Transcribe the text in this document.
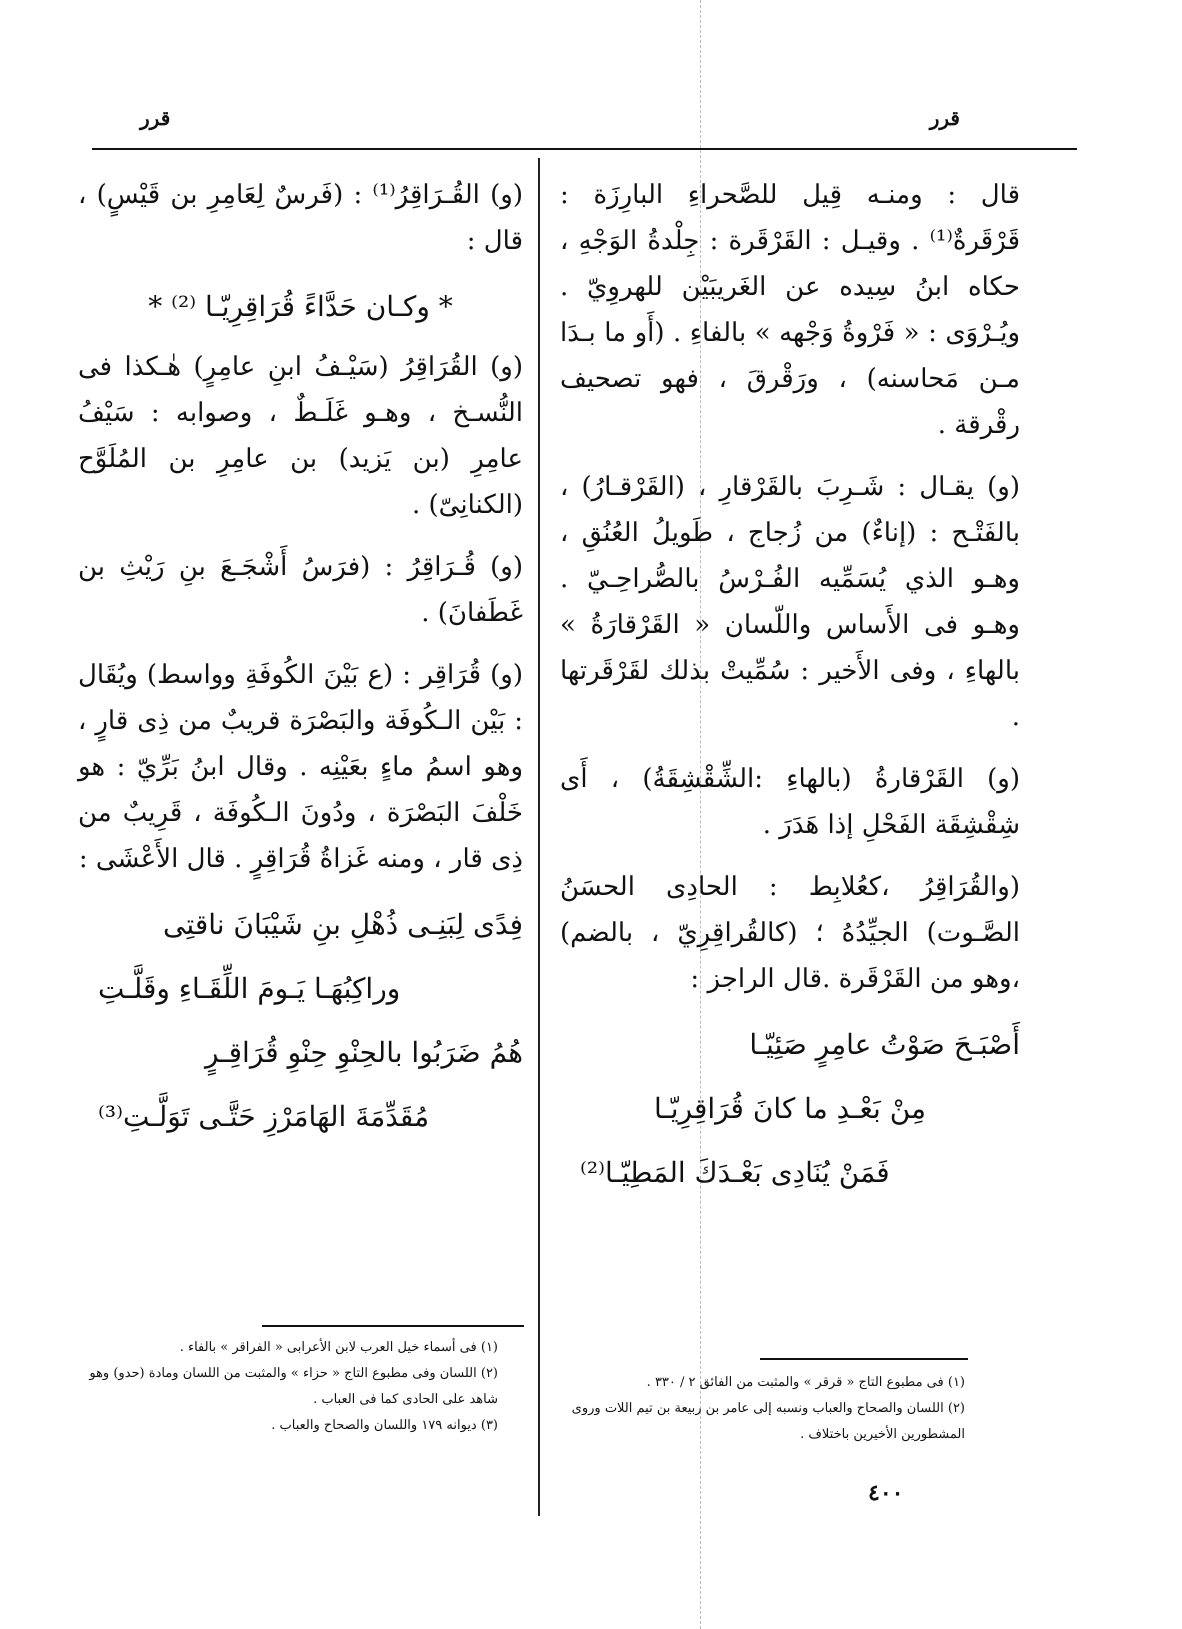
قرر
قرر

قال : ومنـه قِيل للصَّحراءِ البارِزَة : قَرْقَرةٌ⁽¹⁾ . وقيـل : القَرْقَرة : جِلْدةُ الوَجْهِ ، حكاه ابنُ سِيده عن الغَريبَيْن للهروِيّ . ويُـرْوَى : « فَرْوةُ وَجْهه » بالفاءِ . (أَو ما بـدَا مـن مَحاسنه) ، ورَقْرقَ ، فهو تصحيف رقْرقة .

(و) يقـال : شَـرِبَ بالقَرْقارِ ، (القَرْقـارُ) ، بالفَتْـح : (إناءٌ) من زُجاج ، طَويلُ العُنُقِ ، وهـو الذي يُسَمِّيه الفُـرْسُ بالصُّراحِـيّ . وهـو فى الأَساس واللّسان « القَرْقارَةُ » بالهاءِ ، وفى الأَخير : سُمِّيتْ بذلك لقَرْقَرتها .

(و) القَرْقارةُ (بالهاءِ :الشِّقْشِقَةُ) ، أَى شِقْشِقَة الفَحْلِ إذا هَدَرَ .

(والقُرَاقِرُ ،كعُلابِط : الحادِى الحسَنُ الصَّـوت) الجيِّدُهُ ؛ (كالقُراقِرِيّ ، بالضم) ،وهو من القَرْقَرة .قال الراجز :

أَصْبَـحَ صَوْتُ عامِرٍ صَئِيّـا
مِنْ بَعْـدِ ما كانَ قُرَاقِرِيّـا
فَمَنْ يُنَادِى بَعْـدَكَ المَطِيّـا⁽²⁾

(و) القُـرَاقِرُ⁽¹⁾ : (فَرسٌ لِعَامِرِ بن قَيْسٍ) ، قال :

* وكـان حَدَّاءً قُرَاقِرِيّـا ⁽²⁾ *

(و) القُرَاقِرُ (سَيْـفُ ابنِ عامِرٍ) هٰـكذا فى النُّسـخ ، وهـو غَلَـطٌ ، وصوابه : سَيْفُ عامِرِ (بن يَزيد) بن عامِرِ بن المُلَوَّح (الكنانِىّ) .

(و) قُـرَاقِرُ : (فرَسُ أَشْجَـعَ بنِ رَيْثِ بن غَطَفانَ) .

(و) قُرَاقِر : (ع بَيْنَ الكُوفَةِ وواسط) ويُقَال : بَيْن الـكُوفَة والبَصْرَة قريبٌ من ذِى قارٍ ، وهو اسمُ ماءٍ بعَيْنِه . وقال ابنُ بَرِّيّ : هو خَلْفَ البَصْرَة ، ودُونَ الـكُوفَة ، قَرِيبٌ من ذِى قار ، ومنه غَزاةُ قُرَاقِرٍ . قال الأَعْشَى :

فِدًى لِبَنِـى ذُهْلِ بنِ شَيْبَانَ ناقتِى
وراكِبُهَـا يَـومَ اللِّقَـاءِ وقَلَّـتِ
هُمُ ضَرَبُوا بالحِنْوِ حِنْوِ قُرَاقِـرٍ
مُقَدِّمَةَ الهَامَرْزِ حَتَّـى تَوَلَّـتِ⁽³⁾
(١) فى أسماء خيل العرب لابن الأعرابى « الفراقر » بالفاء .
(٢) اللسان وفى مطبوع التاج « حزاء » والمثبت من اللسان ومادة (حدو) وهو شاهد على الحادى كما فى العباب .
(٣) ديوانه ١٧٩ واللسان والصحاح والعباب .
(١) فى مطبوع التاج « قرقر » والمثبت من الفائق ٢ / ٣٣٠ .
(٢) اللسان والصحاح والعباب ونسبه إلى عامر بن ربيعة بن تيم اللات وروى المشطورين الأخيرين باختلاف .
٤٠٠
